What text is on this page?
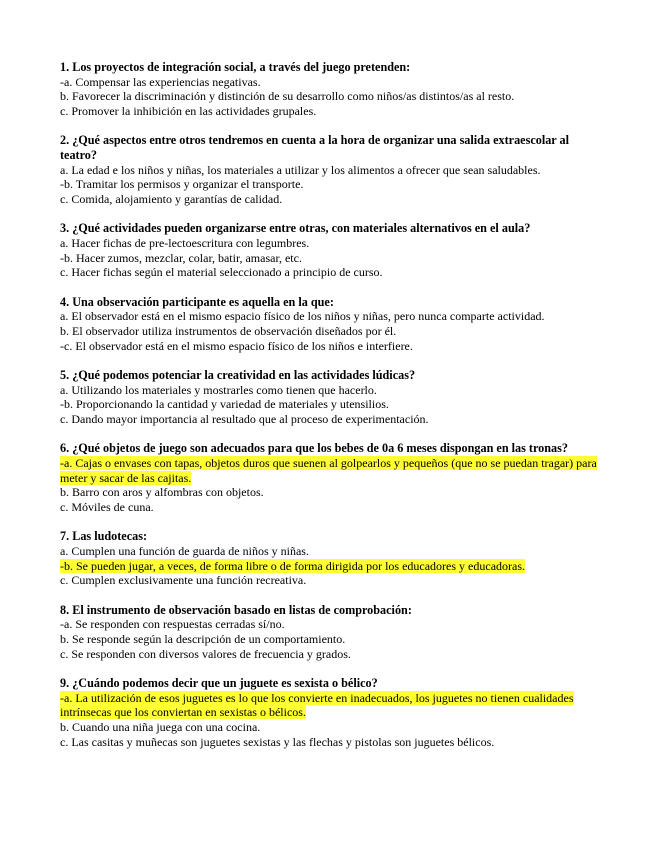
1. Los proyectos de integración social, a través del juego pretenden:
-a. Compensar las experiencias negativas.
b. Favorecer la discriminación y distinción de su desarrollo como niños/as distintos/as al resto.
c. Promover la inhibición en las actividades grupales.
2. ¿Qué aspectos entre otros tendremos en cuenta a la hora de organizar una salida extraescolar al teatro?
a. La edad e los niños y niñas, los materiales a utilizar y los alimentos a ofrecer que sean saludables.
-b. Tramitar los permisos y organizar el transporte.
c. Comida, alojamiento y garantías de calidad.
3. ¿Qué actividades pueden organizarse entre otras, con materiales alternativos en el aula?
a. Hacer fichas de pre-lectoescritura con legumbres.
-b. Hacer zumos, mezclar, colar, batir, amasar, etc.
c. Hacer fichas según el material seleccionado a principio de curso.
4. Una observación participante es aquella en la que:
a. El observador está en el mismo espacio físico de los niños y niñas, pero nunca comparte actividad.
b. El observador utiliza instrumentos de observación diseñados por él.
-c. El observador está en el mismo espacio físico de los niños e interfiere.
5. ¿Qué podemos potenciar la creatividad en las actividades lúdicas?
a. Utilizando los materiales y mostrarles como tienen que hacerlo.
-b. Proporcionando la cantidad y variedad de materiales y utensilios.
c. Dando mayor importancia al resultado que al proceso de experimentación.
6. ¿Qué objetos de juego son adecuados para que los bebes de 0a 6 meses dispongan en las tronas?
-a. Cajas o envases con tapas, objetos duros que suenen al golpearlos y pequeños (que no se puedan tragar) para meter y sacar de las cajitas.
b. Barro con aros y alfombras con objetos.
c. Móviles de cuna.
7. Las ludotecas:
a. Cumplen una función de guarda de niños y niñas.
-b. Se pueden jugar, a veces, de forma libre o de forma dirigida por los educadores y educadoras.
c. Cumplen exclusivamente una función recreativa.
8. El instrumento de observación basado en listas de comprobación:
-a. Se responden con respuestas cerradas sí/no.
b. Se responde según la descripción de un comportamiento.
c. Se responden con diversos valores de frecuencia y grados.
9. ¿Cuándo podemos decir que un juguete es sexista o bélico?
-a. La utilización de esos juguetes es lo que los convierte en inadecuados, los juguetes no tienen cualidades intrínsecas que los conviertan en sexistas o bélicos.
b. Cuando una niña juega con una cocina.
c. Las casitas y muñecas son juguetes sexistas y las flechas y pistolas son juguetes bélicos.
